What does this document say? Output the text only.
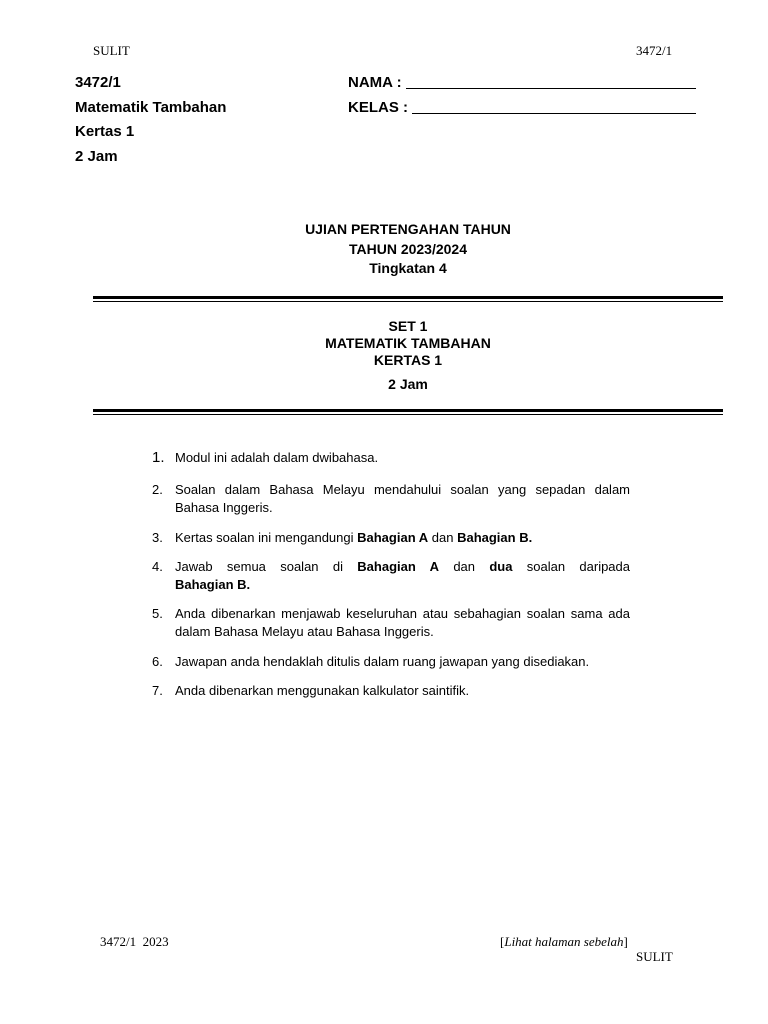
SULIT	3472/1
3472/1
Matematik Tambahan
Kertas 1
2 Jam
NAMA :
KELAS :
UJIAN PERTENGAHAN TAHUN
TAHUN 2023/2024
Tingkatan 4
SET 1
MATEMATIK TAMBAHAN
KERTAS 1
2 Jam
1. Modul ini adalah dalam dwibahasa.
2. Soalan dalam Bahasa Melayu mendahului soalan yang sepadan dalam Bahasa Inggeris.
3. Kertas soalan ini mengandungi Bahagian A dan Bahagian B.
4. Jawab semua soalan di Bahagian A dan dua soalan daripada Bahagian B.
5. Anda dibenarkan menjawab keseluruhan atau sebahagian soalan sama ada dalam Bahasa Melayu atau Bahasa Inggeris.
6. Jawapan anda hendaklah ditulis dalam ruang jawapan yang disediakan.
7. Anda dibenarkan menggunakan kalkulator saintifik.
3472/1  2023	[Lihat halaman sebelah]
SULIT
